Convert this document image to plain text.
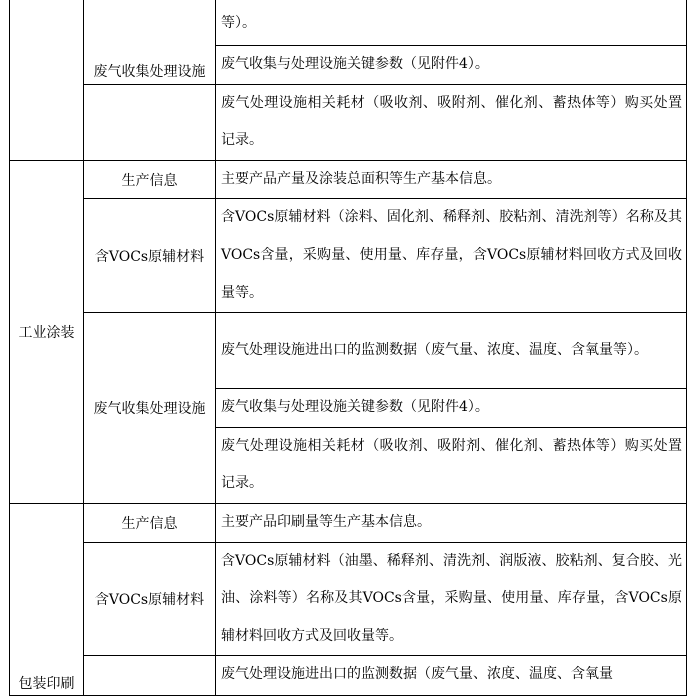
	废气收集处理设施	等）。

		废气收集与处理设施关键参数（见附件4）。

		废气处理设施相关耗材（吸收剂、吸附剂、催化剂、蓄热体等）购买处置记录。

工业涂装	生产信息	主要产品产量及涂装总面积等生产基本信息。

	含VOCs原辅材料	含VOCs原辅材料（涂料、固化剂、稀释剂、胶粘剂、清洗剂等）名称及其VOCs含量，采购量、使用量、库存量，含VOCs原辅材料回收方式及回收量等。

	废气收集处理设施	废气处理设施进出口的监测数据（废气量、浓度、温度、含氧量等）。

		废气收集与处理设施关键参数（见附件4）。

		废气处理设施相关耗材（吸收剂、吸附剂、催化剂、蓄热体等）购买处置记录。

包装印刷	生产信息	主要产品印刷量等生产基本信息。

	含VOCs原辅材料	含VOCs原辅材料（油墨、稀释剂、清洗剂、润版液、胶粘剂、复合胶、光油、涂料等）名称及其VOCs含量，采购量、使用量、库存量，含VOCs原辅材料回收方式及回收量等。

		废气处理设施进出口的监测数据（废气量、浓度、温度、含氧量
